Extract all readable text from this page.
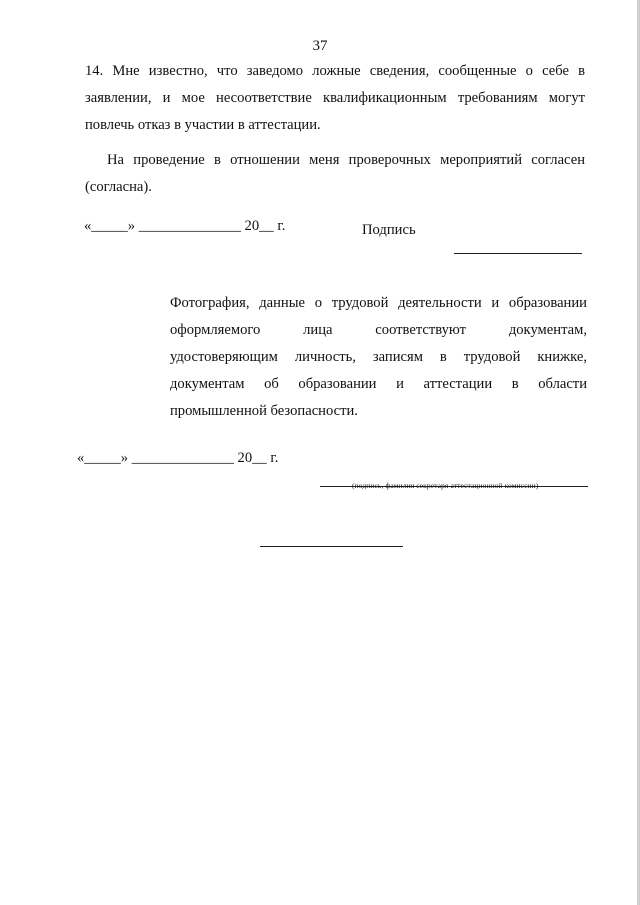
37
14. Мне известно, что заведомо ложные сведения, сообщенные о себе в заявлении, и мое несоответствие квалификационным требованиям могут повлечь отказ в участии в аттестации.
На проведение в отношении меня проверочных мероприятий согласен (согласна).
«_____» ______________ 20__ г.	Подпись
Фотография, данные о трудовой деятельности и образовании
оформляемого лица соответствуют документам,
удостоверяющим личность, записям в трудовой книжке,
документам об образовании и аттестации в области
промышленной безопасности.
«_____» ______________ 20__ г.
(подпись, фамилия секретаря аттестационной комиссии)
